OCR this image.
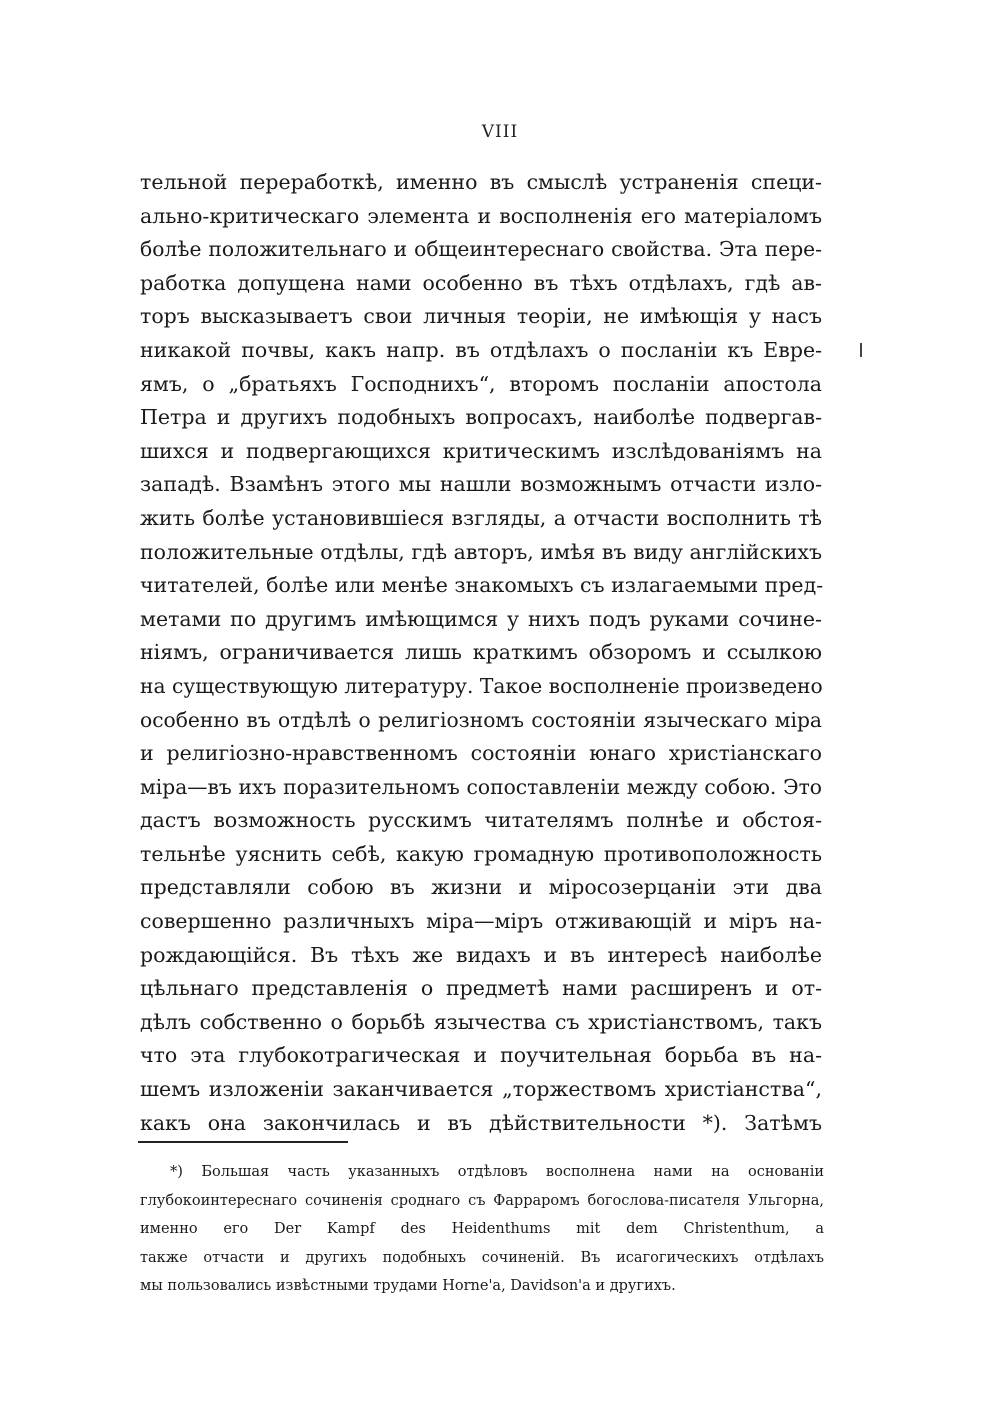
VIII
тельной переработкѣ, именно въ смыслѣ устраненія специ-
ально-критическаго элемента и восполненія его матеріаломъ
болѣе положительнаго и общеинтереснаго свойства. Эта пере-
работка допущена нами особенно въ тѣхъ отдѣлахъ, гдѣ ав-
торъ высказываетъ свои личныя теоріи, не имѣющія у насъ
никакой почвы, какъ напр. въ отдѣлахъ о посланіи къ Евре-
ямъ, о „братьяхъ Господнихъ“, второмъ посланіи апостола
Петра и другихъ подобныхъ вопросахъ, наиболѣе подвергав-
шихся и подвергающихся критическимъ изслѣдованіямъ на
западѣ. Взамѣнъ этого мы нашли возможнымъ отчасти изло-
жить болѣе установившіеся взгляды, а отчасти восполнить тѣ
положительные отдѣлы, гдѣ авторъ, имѣя въ виду англійскихъ
читателей, болѣе или менѣе знакомыхъ съ излагаемыми пред-
метами по другимъ имѣющимся у нихъ подъ руками сочине-
ніямъ, ограничивается лишь краткимъ обзоромъ и ссылкою
на существующую литературу. Такое восполненіе произведено
особенно въ отдѣлѣ о религіозномъ состояніи языческаго міра
и религіозно-нравственномъ состояніи юнаго христіанскаго
міра—въ ихъ поразительномъ сопоставленіи между собою. Это
дастъ возможность русскимъ читателямъ полнѣе и обстоя-
тельнѣе уяснить себѣ, какую громадную противоположность
представляли собою въ жизни и міросозерцаніи эти два
совершенно различныхъ міра—міръ отживающій и міръ на-
рождающійся. Въ тѣхъ же видахъ и въ интересѣ наиболѣе
цѣльнаго представленія о предметѣ нами расширенъ и от-
дѣлъ собственно о борьбѣ язычества съ христіанствомъ, такъ
что эта глубокотрагическая и поучительная борьба въ на-
шемъ изложеніи заканчивается „торжествомъ христіанства“,
какъ она закончилась и въ дѣйствительности *). Затѣмъ
*) Большая часть указанныхъ отдѣловъ восполнена нами на основаніи
глубокоинтереснаго сочиненія сроднаго съ Фарраромъ богослова-писателя Ульгорна,
именно его Der Kampf des Heidenthums mit dem Christenthum, а
также отчасти и другихъ подобныхъ сочиненій. Въ исагогическихъ отдѣлахъ
мы пользовались извѣстными трудами Horne'a, Davidson'a и другихъ.
